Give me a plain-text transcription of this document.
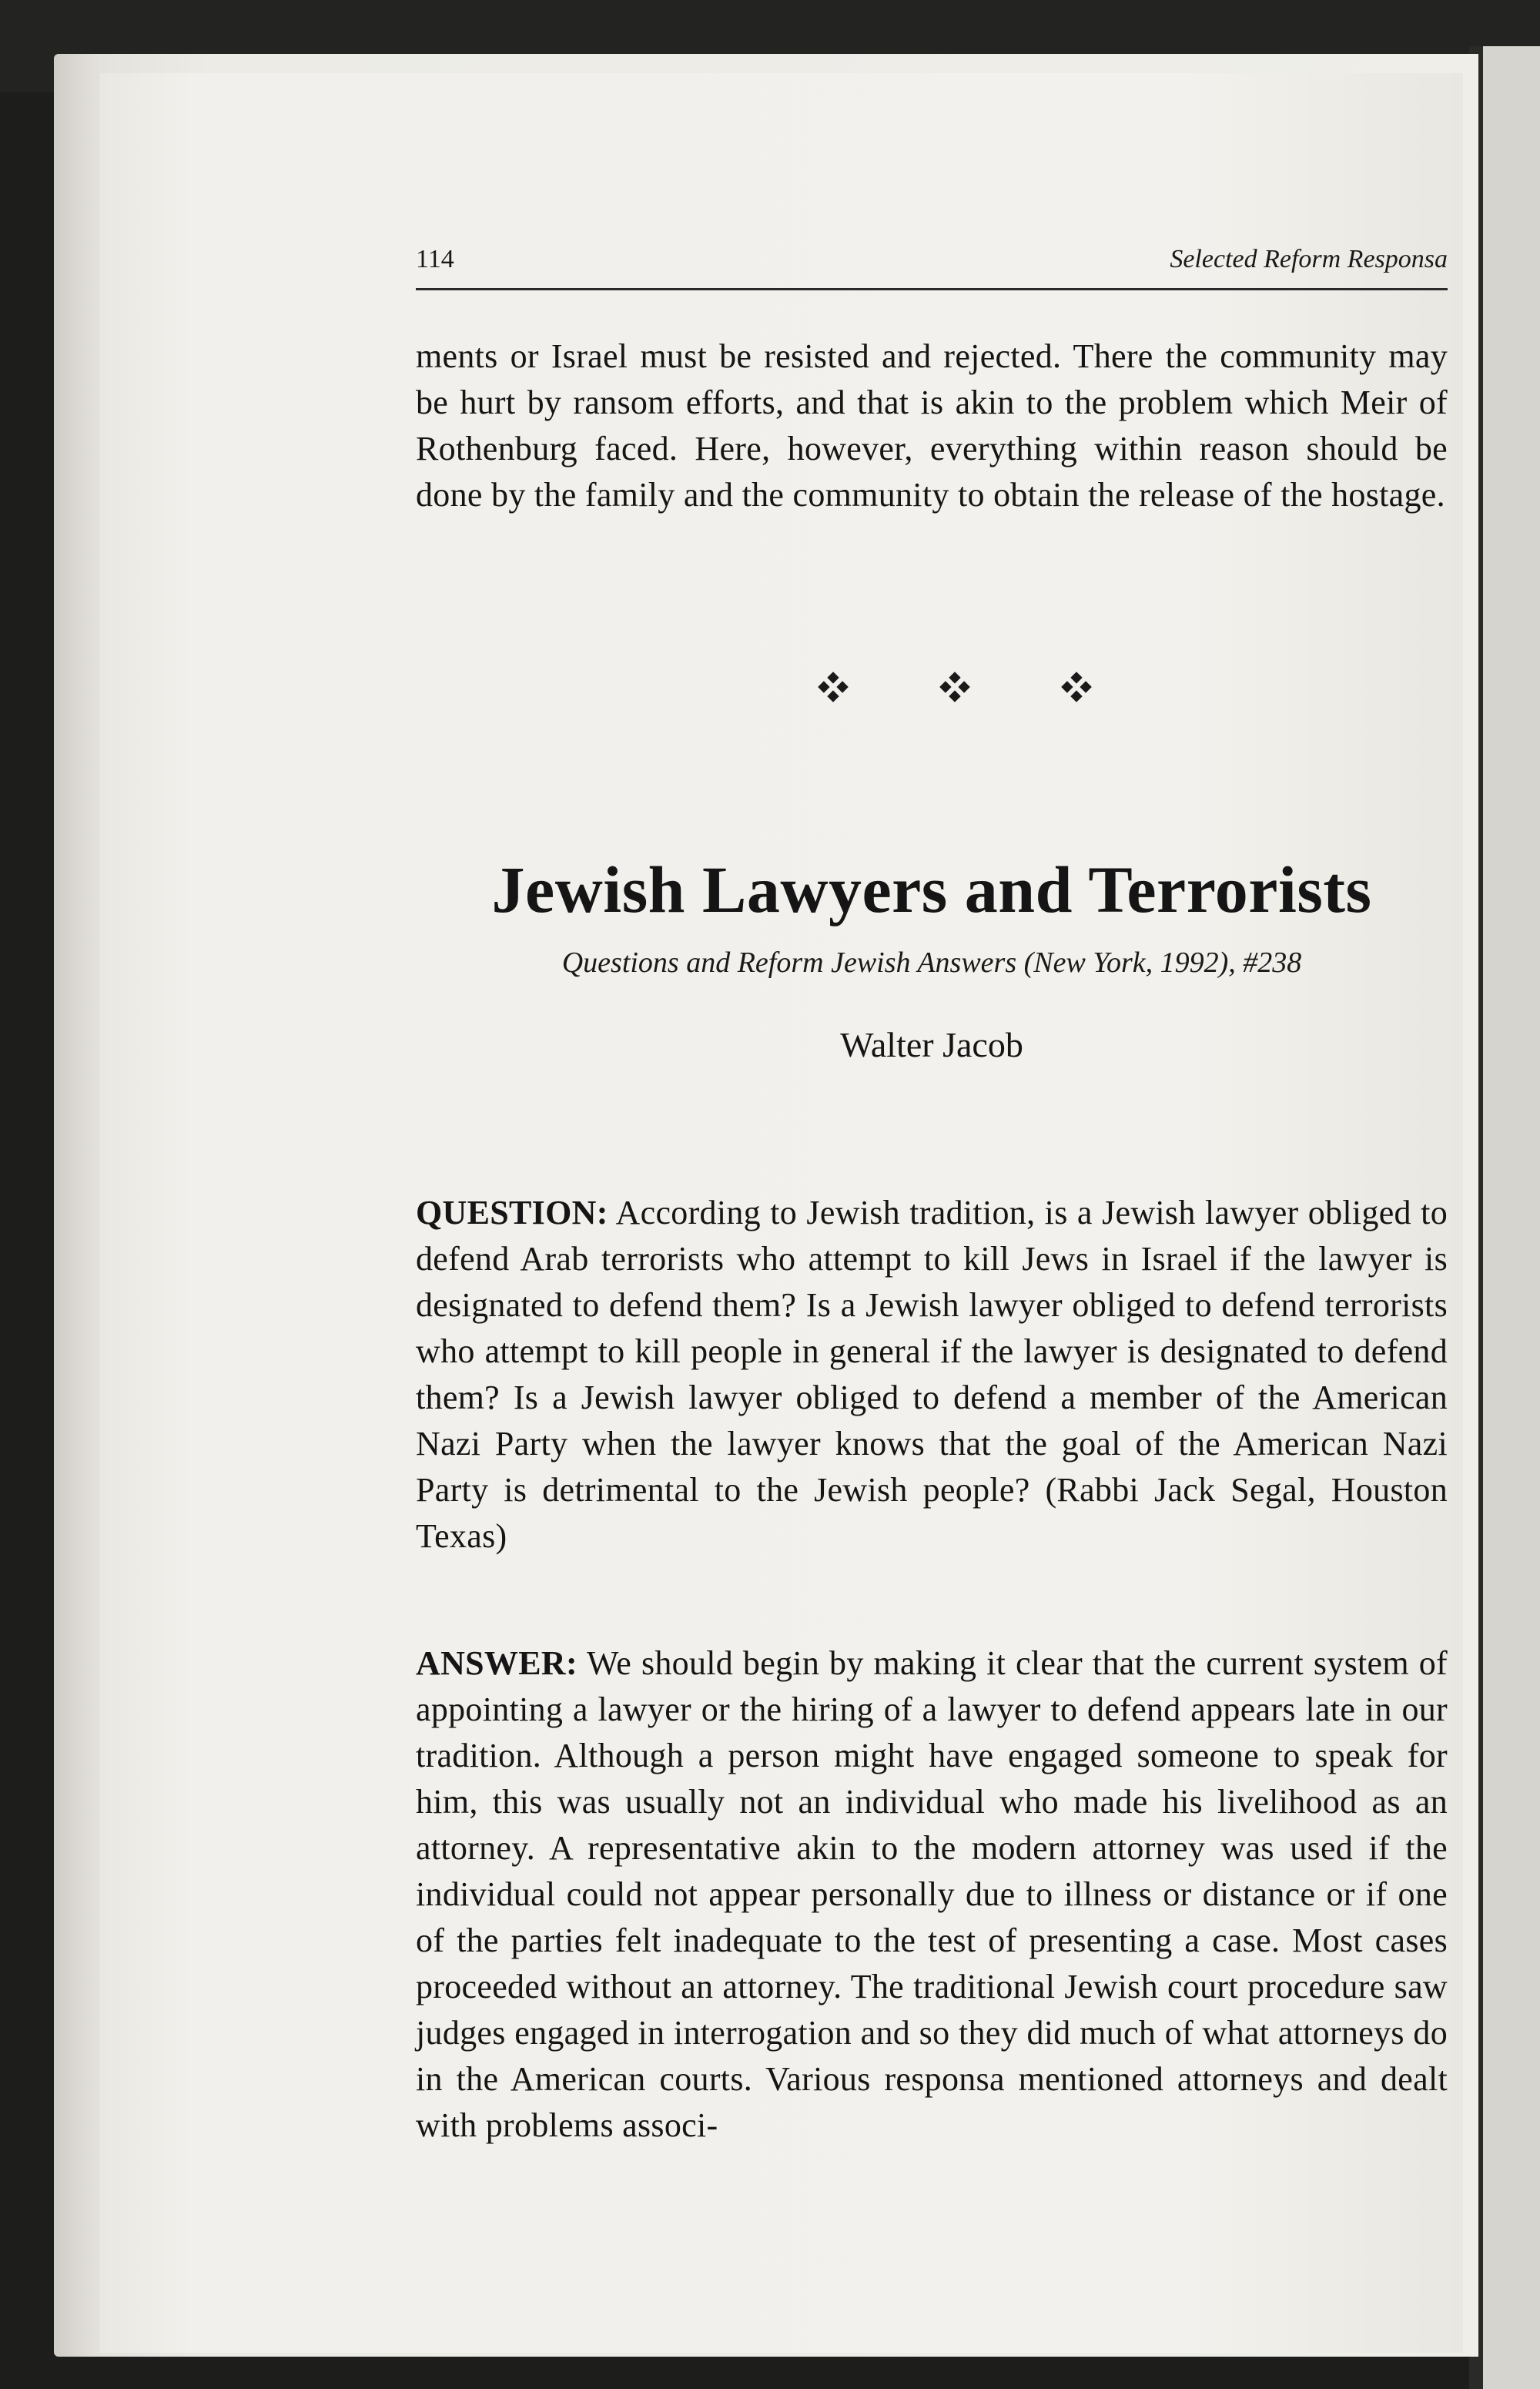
114	Selected Reform Responsa

ments or Israel must be resisted and rejected. There the community may be hurt by ransom efforts, and that is akin to the problem which Meir of Rothenburg faced. Here, however, everything within reason should be done by the family and the community to obtain the release of the hostage.

Jewish Lawyers and Terrorists
Questions and Reform Jewish Answers (New York, 1992), #238
Walter Jacob

QUESTION: According to Jewish tradition, is a Jewish lawyer obliged to defend Arab terrorists who attempt to kill Jews in Israel if the lawyer is designated to defend them? Is a Jewish lawyer obliged to defend terrorists who attempt to kill people in general if the lawyer is designated to defend them? Is a Jewish lawyer obliged to defend a member of the American Nazi Party when the lawyer knows that the goal of the American Nazi Party is detrimental to the Jewish people? (Rabbi Jack Segal, Houston Texas)

ANSWER: We should begin by making it clear that the current system of appointing a lawyer or the hiring of a lawyer to defend appears late in our tradition. Although a person might have engaged someone to speak for him, this was usually not an individual who made his livelihood as an attorney. A representative akin to the modern attorney was used if the individual could not appear personally due to illness or distance or if one of the parties felt inadequate to the test of presenting a case. Most cases proceeded without an attorney. The traditional Jewish court procedure saw judges engaged in interrogation and so they did much of what attorneys do in the American courts. Various responsa mentioned attorneys and dealt with problems associ-
